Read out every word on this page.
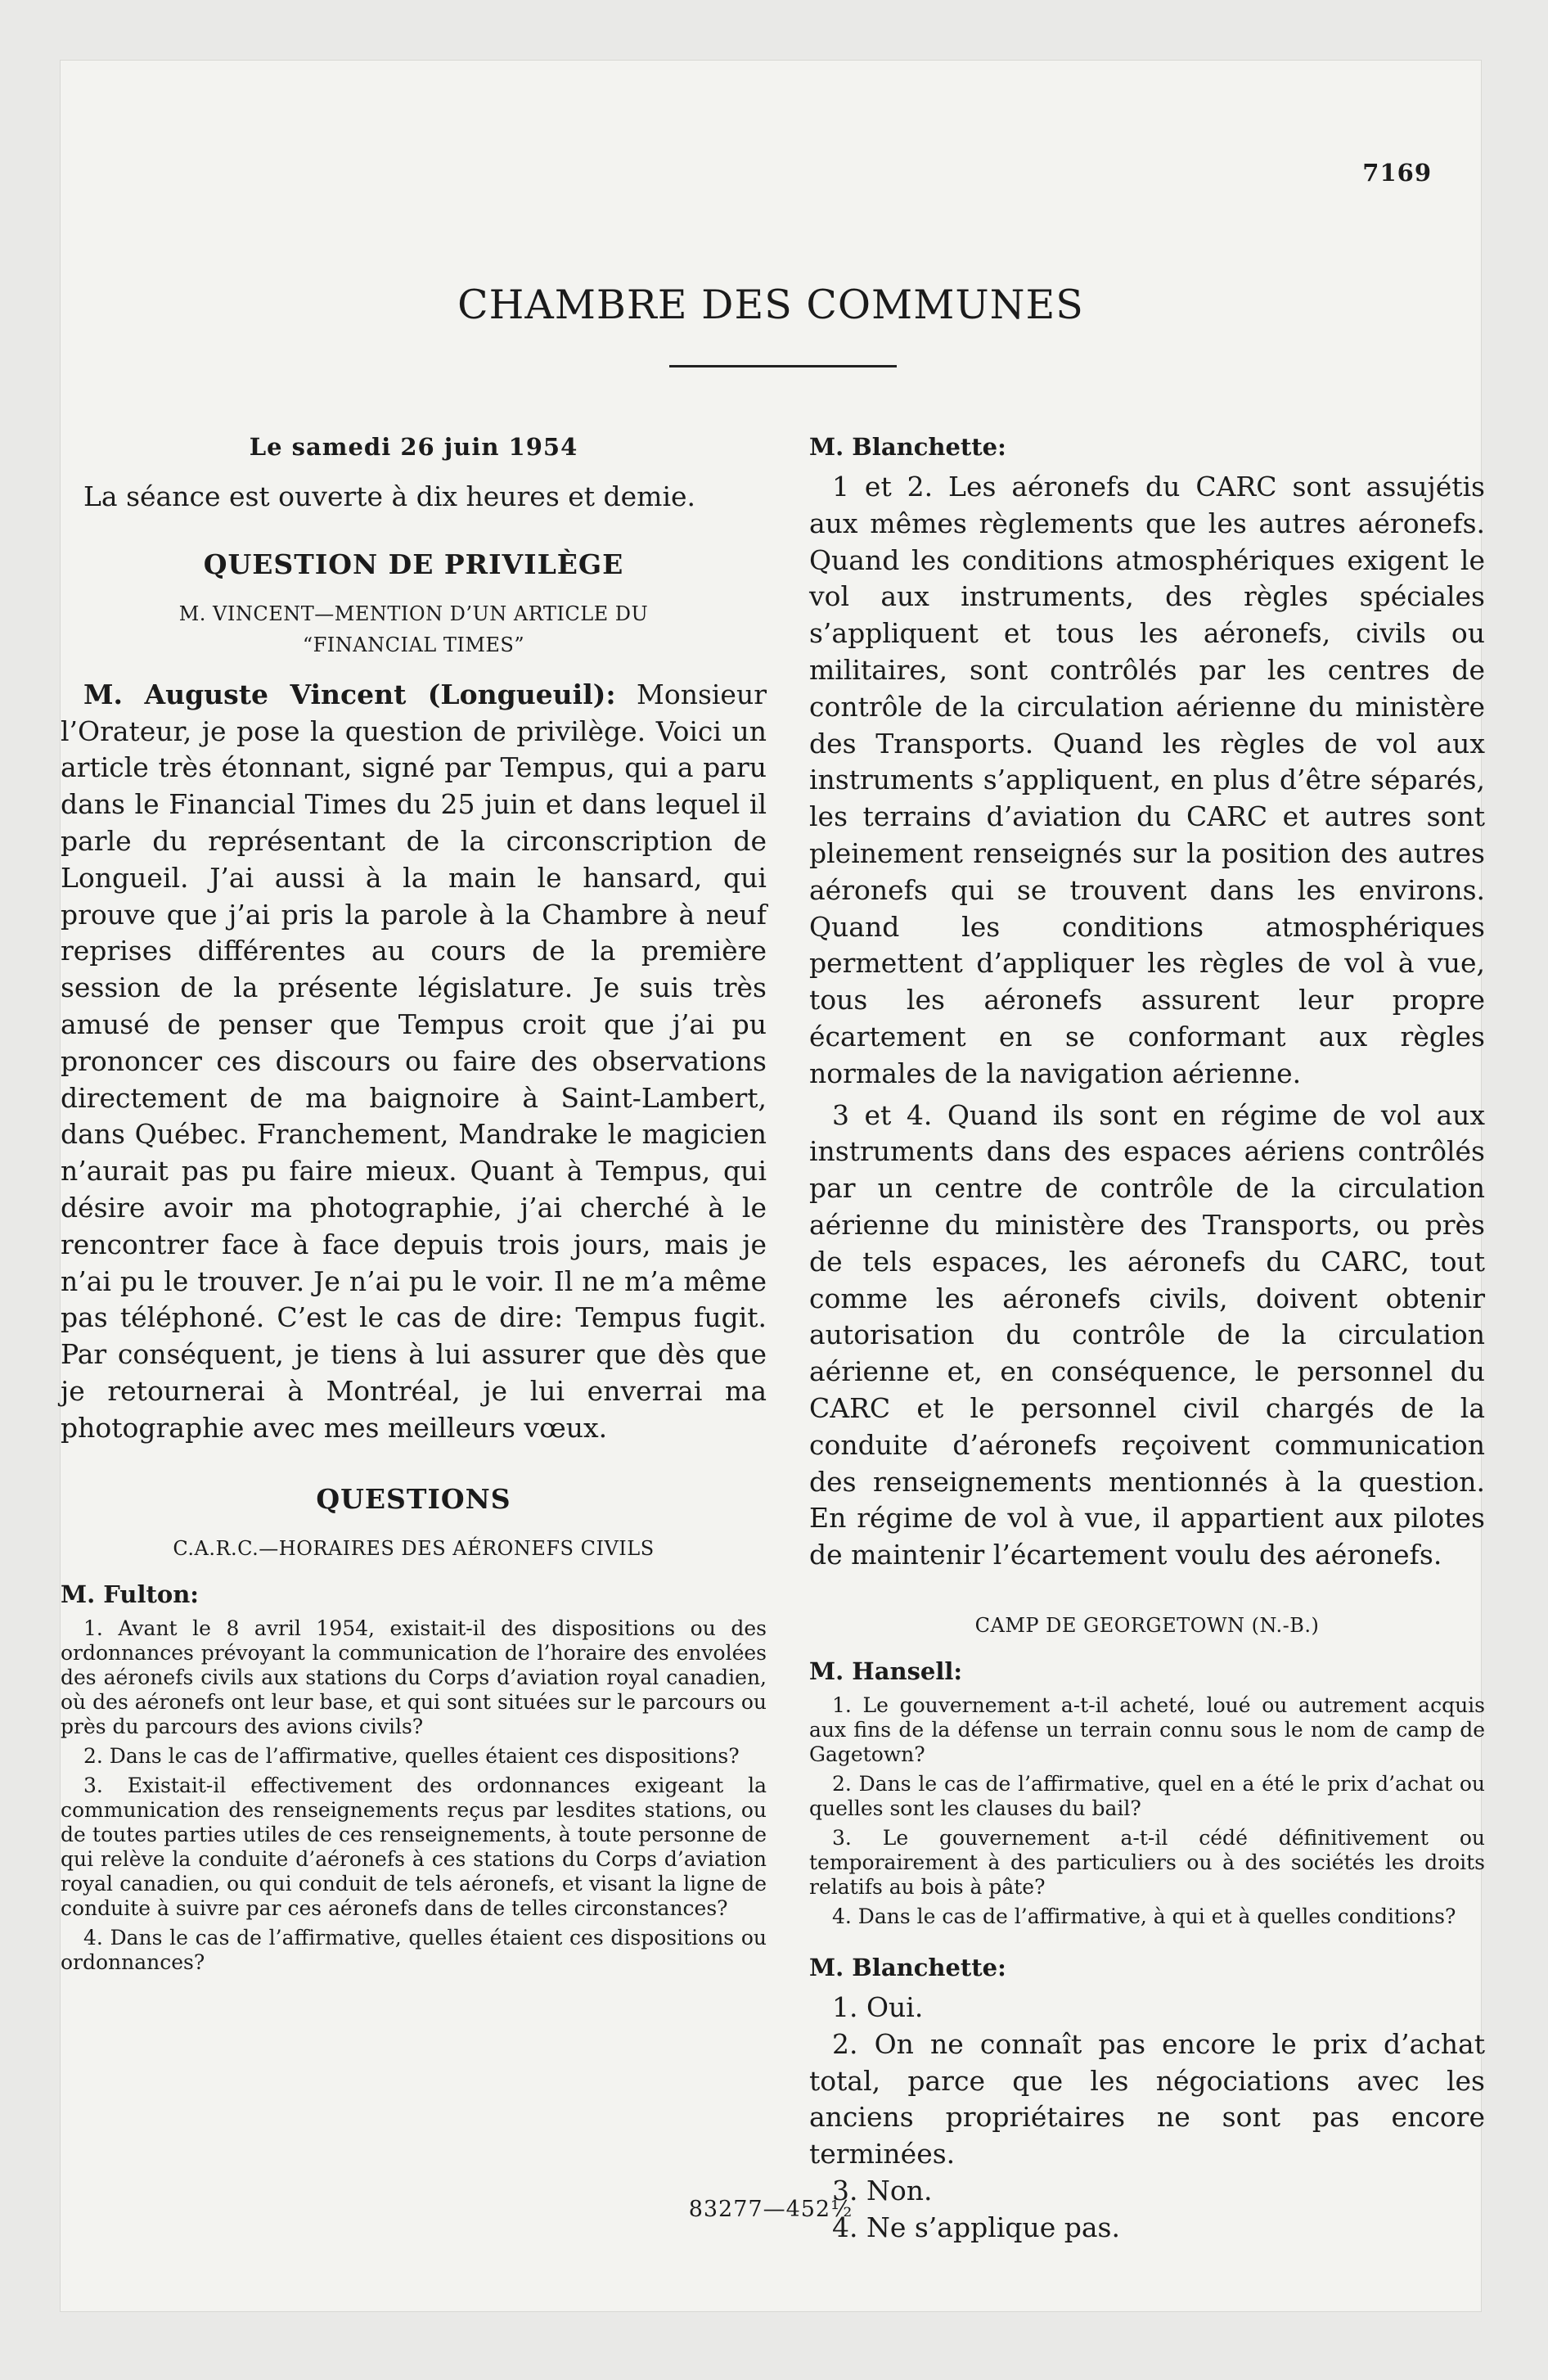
7169
CHAMBRE DES COMMUNES

Le samedi 26 juin 1954

La séance est ouverte à dix heures et demie.

QUESTION DE PRIVILÈGE
M. VINCENT—MENTION D’UN ARTICLE DU
“FINANCIAL TIMES”

M. Auguste Vincent (Longueuil): Monsieur l’Orateur, je pose la question de privilège. Voici un article très étonnant, signé par Tempus, qui a paru dans le Financial Times du 25 juin et dans lequel il parle du représentant de la circonscription de Longueil. J’ai aussi à la main le hansard, qui prouve que j’ai pris la parole à la Chambre à neuf reprises différentes au cours de la première session de la présente législature. Je suis très amusé de penser que Tempus croit que j’ai pu prononcer ces discours ou faire des observations directement de ma baignoire à Saint-Lambert, dans Québec. Franchement, Mandrake le magicien n’aurait pas pu faire mieux. Quant à Tempus, qui désire avoir ma photographie, j’ai cherché à le rencontrer face à face depuis trois jours, mais je n’ai pu le trouver. Je n’ai pu le voir. Il ne m’a même pas téléphoné. C’est le cas de dire: Tempus fugit. Par conséquent, je tiens à lui assurer que dès que je retournerai à Montréal, je lui enverrai ma photographie avec mes meilleurs vœux.

QUESTIONS
C.A.R.C.—HORAIRES DES AÉRONEFS CIVILS
M. Fulton:

1. Avant le 8 avril 1954, existait-il des dispositions ou des ordonnances prévoyant la communication de l’horaire des envolées des aéronefs civils aux stations du Corps d’aviation royal canadien, où des aéronefs ont leur base, et qui sont situées sur le parcours ou près du parcours des avions civils?

2. Dans le cas de l’affirmative, quelles étaient ces dispositions?

3. Existait-il effectivement des ordonnances exigeant la communication des renseignements reçus par lesdites stations, ou de toutes parties utiles de ces renseignements, à toute personne de qui relève la conduite d’aéronefs à ces stations du Corps d’aviation royal canadien, ou qui conduit de tels aéronefs, et visant la ligne de conduite à suivre par ces aéronefs dans de telles circonstances?

4. Dans le cas de l’affirmative, quelles étaient ces dispositions ou ordonnances?

M. Blanchette:

1 et 2. Les aéronefs du CARC sont assujétis aux mêmes règlements que les autres aéronefs. Quand les conditions atmosphériques exigent le vol aux instruments, des règles spéciales s’appliquent et tous les aéronefs, civils ou militaires, sont contrôlés par les centres de contrôle de la circulation aérienne du ministère des Transports. Quand les règles de vol aux instruments s’appliquent, en plus d’être séparés, les terrains d’aviation du CARC et autres sont pleinement renseignés sur la position des autres aéronefs qui se trouvent dans les environs. Quand les conditions atmosphériques permettent d’appliquer les règles de vol à vue, tous les aéronefs assurent leur propre écartement en se conformant aux règles normales de la navigation aérienne.

3 et 4. Quand ils sont en régime de vol aux instruments dans des espaces aériens contrôlés par un centre de contrôle de la circulation aérienne du ministère des Transports, ou près de tels espaces, les aéronefs du CARC, tout comme les aéronefs civils, doivent obtenir autorisation du contrôle de la circulation aérienne et, en conséquence, le personnel du CARC et le personnel civil chargés de la conduite d’aéronefs reçoivent communication des renseignements mentionnés à la question. En régime de vol à vue, il appartient aux pilotes de maintenir l’écartement voulu des aéronefs.

CAMP DE GEORGETOWN (N.-B.)
M. Hansell:

1. Le gouvernement a-t-il acheté, loué ou autrement acquis aux fins de la défense un terrain connu sous le nom de camp de Gagetown?

2. Dans le cas de l’affirmative, quel en a été le prix d’achat ou quelles sont les clauses du bail?

3. Le gouvernement a-t-il cédé définitivement ou temporairement à des particuliers ou à des sociétés les droits relatifs au bois à pâte?

4. Dans le cas de l’affirmative, à qui et à quelles conditions?

M. Blanchette:

1. Oui.

2. On ne connaît pas encore le prix d’achat total, parce que les négociations avec les anciens propriétaires ne sont pas encore terminées.

3. Non.

4. Ne s’applique pas.

83277—452½
